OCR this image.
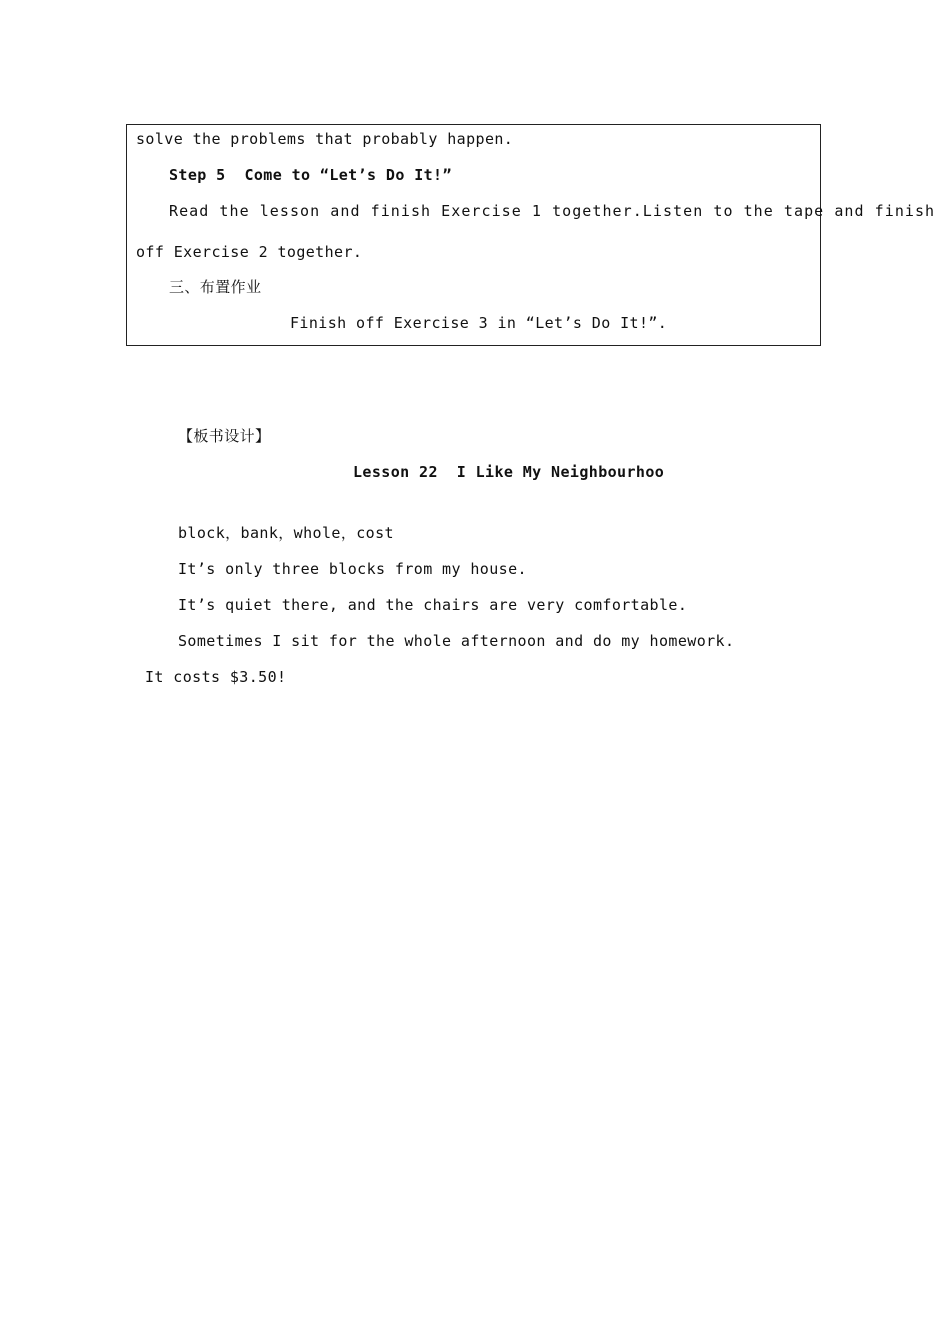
solve the problems that probably happen.
Step 5  Come to “Let’s Do It!”
Read the lesson and finish Exercise 1 together.Listen to the tape and finish
off Exercise 2 together.
三、布置作业
Finish off Exercise 3 in “Let’s Do It!”.
【板书设计】
Lesson 22  I Like My Neighbourhoo
block，bank，whole，cost
It’s only three blocks from my house.
It’s quiet there, and the chairs are very comfortable.
Sometimes I sit for the whole afternoon and do my homework.
It costs $3.50!
